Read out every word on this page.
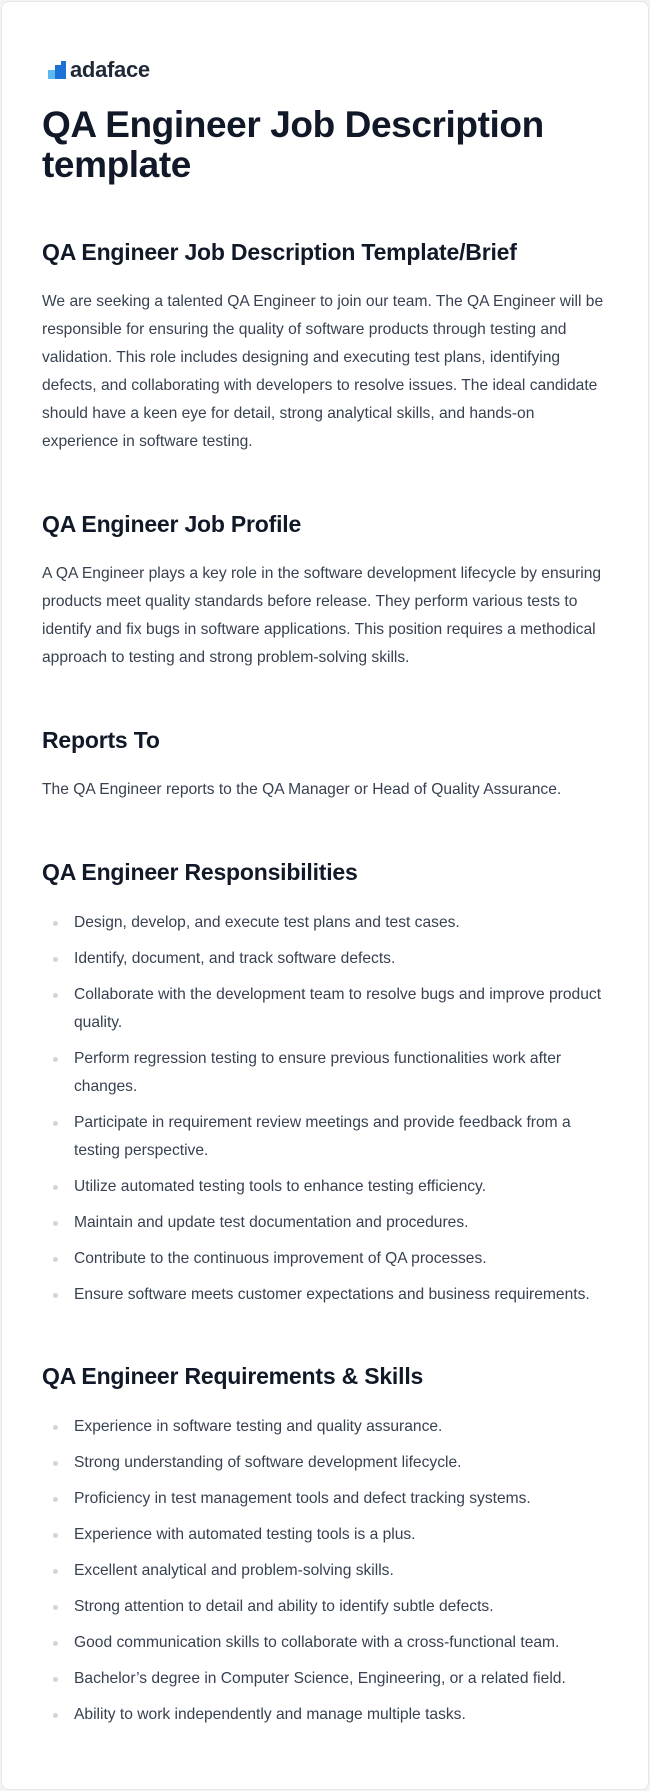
adaface
QA Engineer Job Description template
QA Engineer Job Description Template/Brief

We are seeking a talented QA Engineer to join our team. The QA Engineer will be responsible for ensuring the quality of software products through testing and validation. This role includes designing and executing test plans, identifying defects, and collaborating with developers to resolve issues. The ideal candidate should have a keen eye for detail, strong analytical skills, and hands-on experience in software testing.

QA Engineer Job Profile

A QA Engineer plays a key role in the software development lifecycle by ensuring products meet quality standards before release. They perform various tests to identify and fix bugs in software applications. This position requires a methodical approach to testing and strong problem-solving skills.

Reports To

The QA Engineer reports to the QA Manager or Head of Quality Assurance.

QA Engineer Responsibilities
Design, develop, and execute test plans and test cases.
Identify, document, and track software defects.
Collaborate with the development team to resolve bugs and improve product quality.
Perform regression testing to ensure previous functionalities work after changes.
Participate in requirement review meetings and provide feedback from a testing perspective.
Utilize automated testing tools to enhance testing efficiency.
Maintain and update test documentation and procedures.
Contribute to the continuous improvement of QA processes.
Ensure software meets customer expectations and business requirements.
QA Engineer Requirements & Skills
Experience in software testing and quality assurance.
Strong understanding of software development lifecycle.
Proficiency in test management tools and defect tracking systems.
Experience with automated testing tools is a plus.
Excellent analytical and problem-solving skills.
Strong attention to detail and ability to identify subtle defects.
Good communication skills to collaborate with a cross-functional team.
Bachelor’s degree in Computer Science, Engineering, or a related field.
Ability to work independently and manage multiple tasks.
